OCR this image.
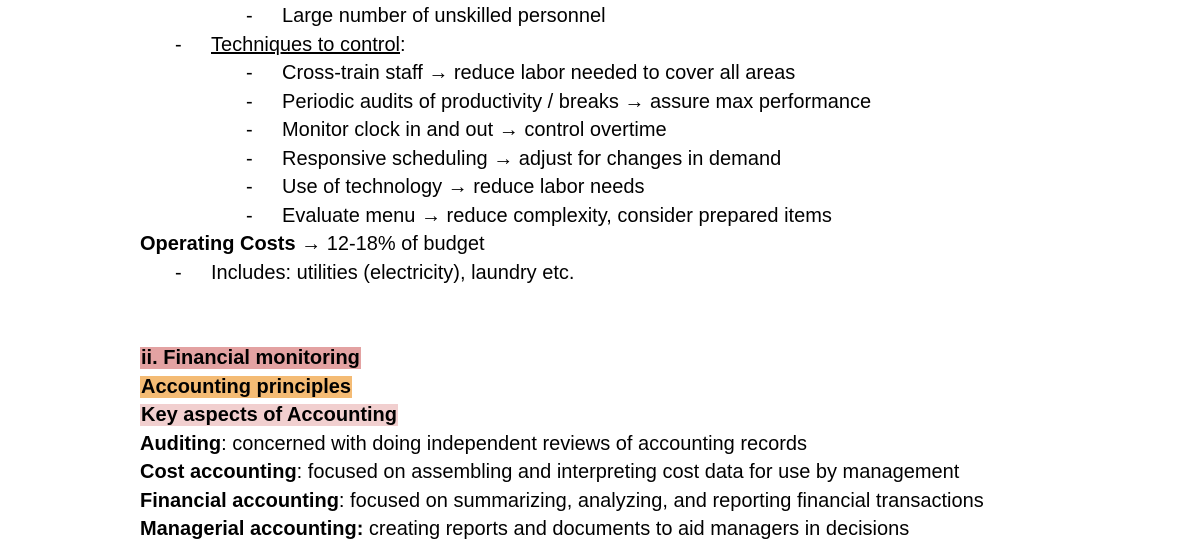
- Large number of unskilled personnel
- Techniques to control:
- Cross-train staff → reduce labor needed to cover all areas
- Periodic audits of productivity / breaks → assure max performance
- Monitor clock in and out → control overtime
- Responsive scheduling → adjust for changes in demand
- Use of technology → reduce labor needs
- Evaluate menu → reduce complexity, consider prepared items
Operating Costs → 12-18% of budget
- Includes: utilities (electricity), laundry etc.
ii. Financial monitoring
Accounting principles
Key aspects of Accounting
Auditing: concerned with doing independent reviews of accounting records
Cost accounting: focused on assembling and interpreting cost data for use by management
Financial accounting: focused on summarizing, analyzing, and reporting financial transactions
Managerial accounting: creating reports and documents to aid managers in decisions
